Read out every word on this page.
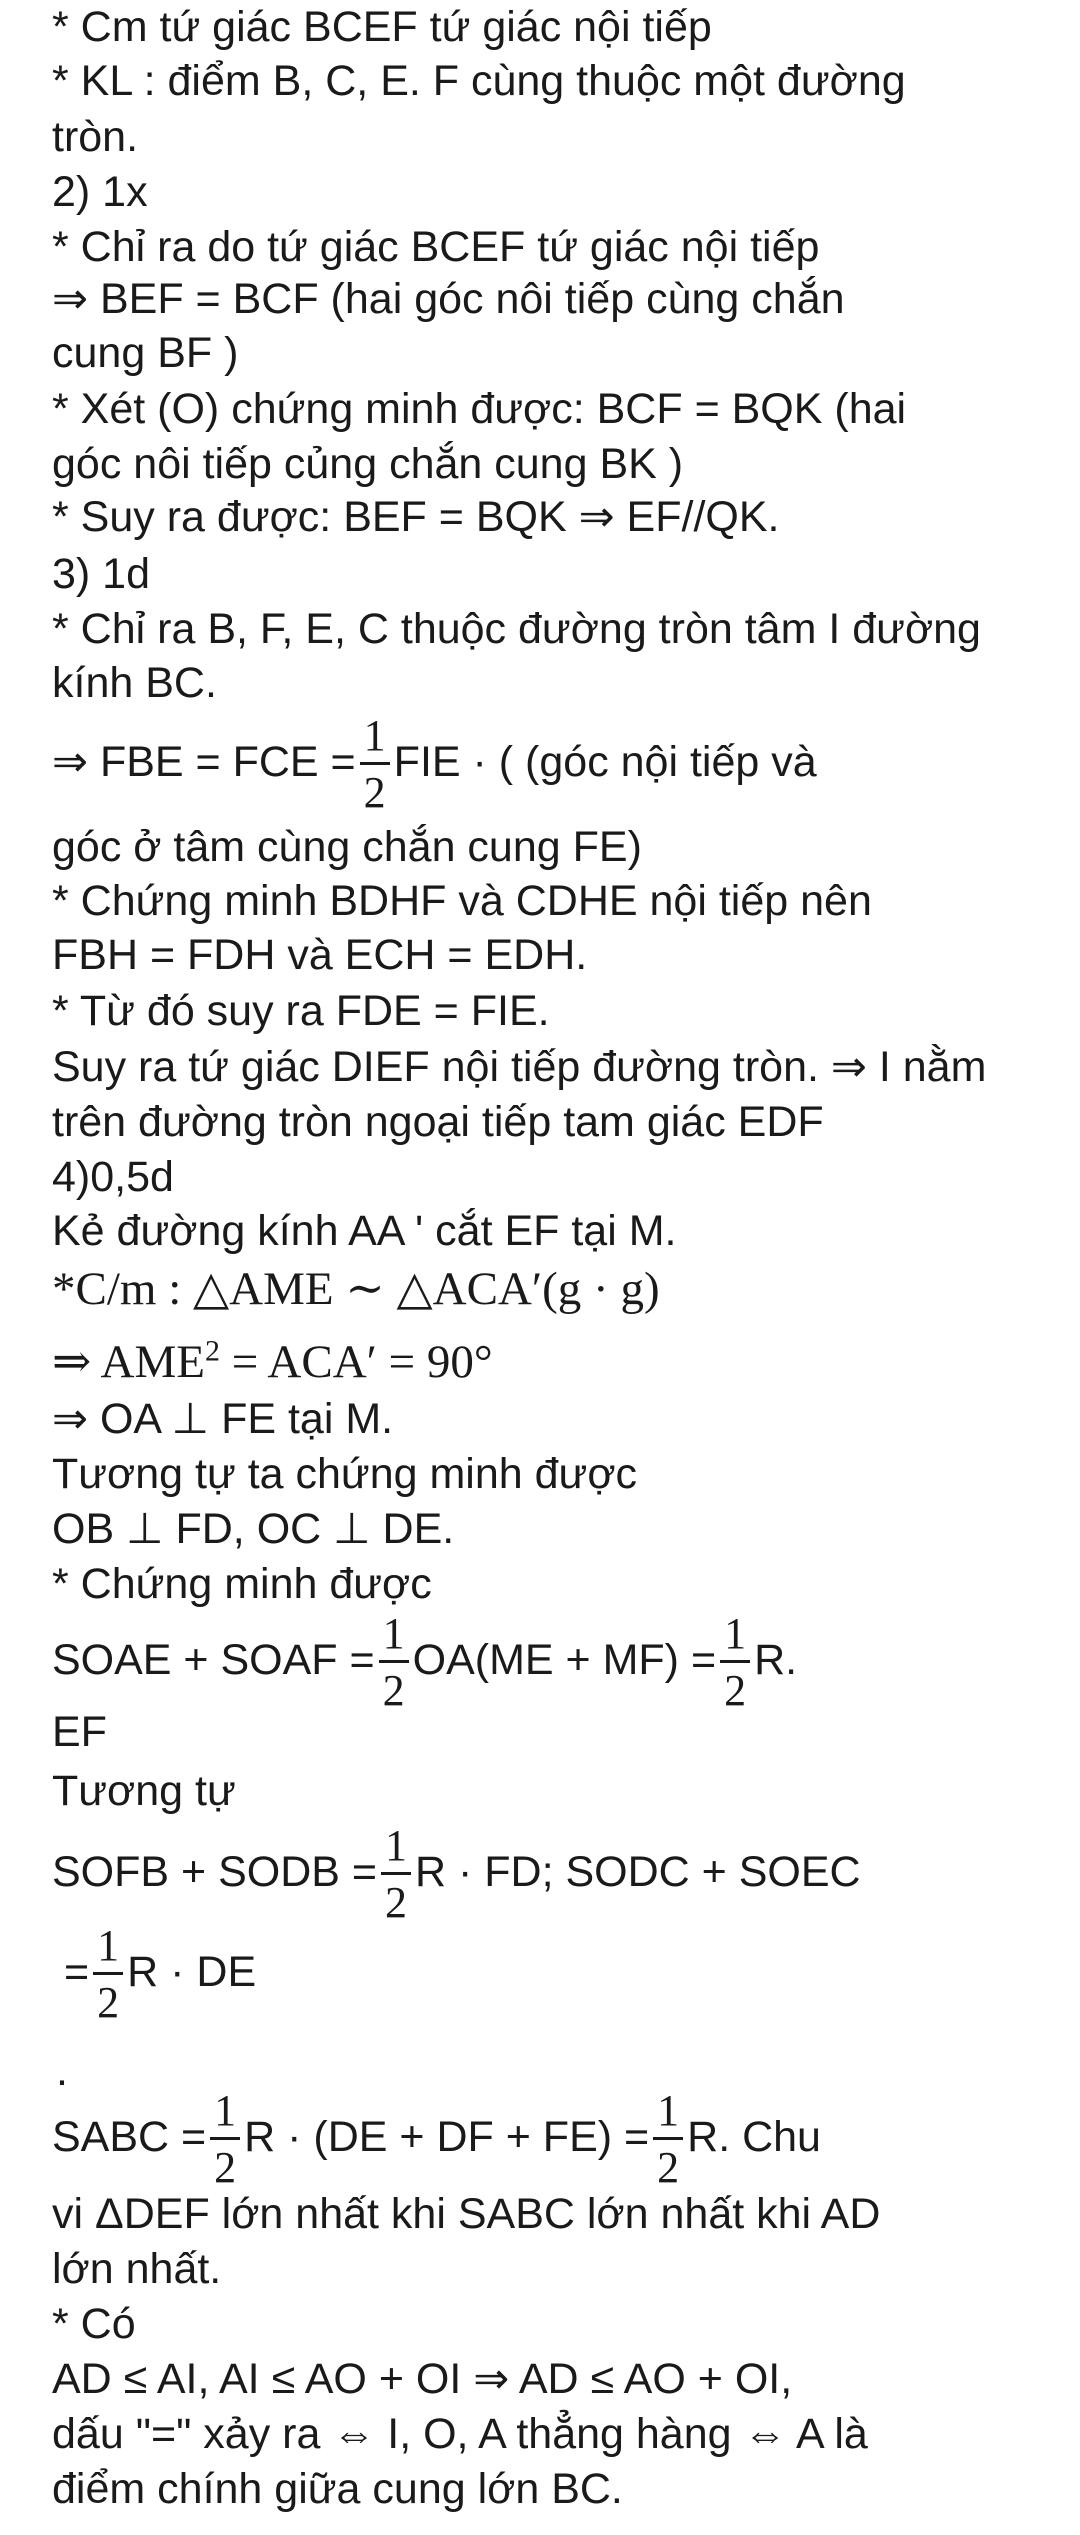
* Cm tứ giác BCEF tứ giác nội tiếp
* KL : điểm B, C, E. F cùng thuộc một đường
tròn.
2) 1x
* Chỉ ra do tứ giác BCEF tứ giác nội tiếp
⇒ BEF = BCF (hai góc nôi tiếp cùng chắn
cung BF )
* Xét (O) chứng minh được: BCF = BQK (hai
góc nôi tiếp củng chắn cung BK )
* Suy ra được: BEF = BQK ⇒ EF//QK.
3) 1d
* Chỉ ra B, F, E, C thuộc đường tròn tâm I đường
kính BC.
⇒ FBE = FCE = $\frac{1}{2}$ FIE · ( (góc nội tiếp và
góc ở tâm cùng chắn cung FE)
* Chứng minh BDHF và CDHE nội tiếp nên
FBH = FDH và ECH = EDH.
* Từ đó suy ra FDE = FIE.
Suy ra tứ giác DIEF nội tiếp đường tròn. ⇒ I nằm
trên đường tròn ngoại tiếp tam giác EDF
4)0,5d
Kẻ đường kính AA ' cắt EF tại M.
*C/m : △AME ∼ △ACA′(g · g)
⇒ $AME^2 = ACA' = 90^\circ$
⇒ OA ⊥ FE tại M.
Tương tự ta chứng minh được
OB ⊥ FD, OC ⊥ DE.
* Chứng minh được
SOAE + SOAF = $\frac{1}{2} OA(ME + MF) = \frac{1}{2} R$.
EF
Tương tự
SOFB + SODB = $\frac{1}{2}$ R · FD; SODC + SOEC
= $\frac{1}{2}$ R · DE
.
SABC = $\frac{1}{2}$ R · (DE + DF + $FE) = \frac{1}{2} R$. Chu
vi ΔDEF lớn nhất khi SABC lớn nhất khi AD
lớn nhất.
* Có
AD ≤ AI, AI ≤ AO + OI ⇒ AD ≤ AO + OI,
dấu "=" xảy ra ⇔ I, O, A thẳng hàng ⇔ A là
điểm chính giữa cung lớn BC.
